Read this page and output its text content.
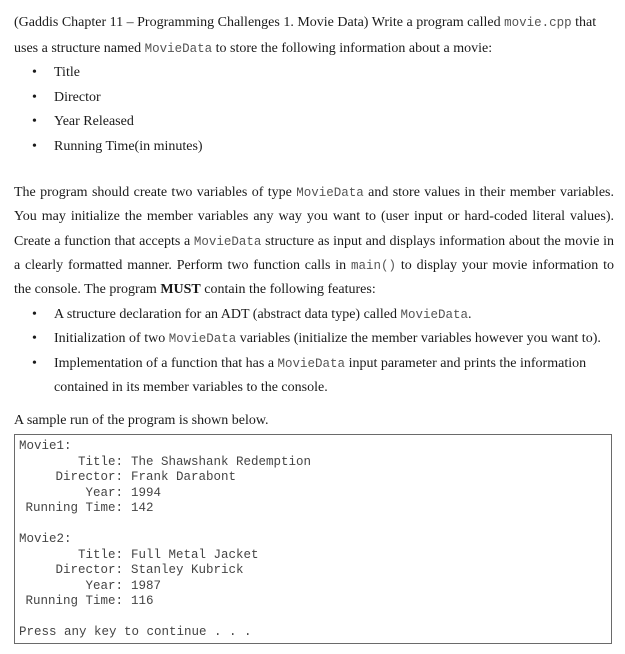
(Gaddis Chapter 11 – Programming Challenges 1. Movie Data) Write a program called movie.cpp that uses a structure named MovieData to store the following information about a movie:

• Title
• Director
• Year Released
• Running Time(in minutes)

The program should create two variables of type MovieData and store values in their member variables. You may initialize the member variables any way you want to (user input or hard-coded literal values). Create a function that accepts a MovieData structure as input and displays information about the movie in a clearly formatted manner. Perform two function calls in main() to display your movie information to the console. The program MUST contain the following features:

• A structure declaration for an ADT (abstract data type) called MovieData.
• Initialization of two MovieData variables (initialize the member variables however you want to).
• Implementation of a function that has a MovieData input parameter and prints the information contained in its member variables to the console.

A sample run of the program is shown below.

Movie1:
Title: The Shawshank Redemption
Director: Frank Darabont
Year: 1994
Running Time: 142
Movie2:
Title: Full Metal Jacket
Director: Stanley Kubrick
Year: 1987
Running Time: 116
Press any key to continue . . .
